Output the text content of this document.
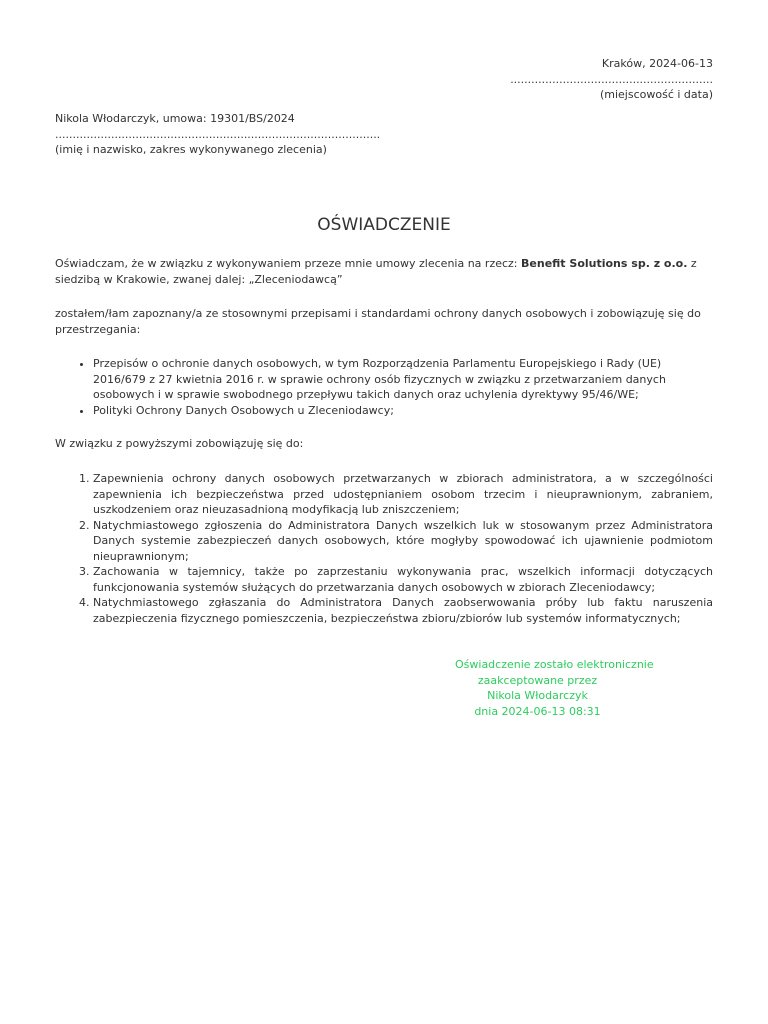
Kraków, 2024-06-13
..........................................................
(miejscowość i data)
Nikola Włodarczyk, umowa: 19301/BS/2024
.............................................................................................
(imię i nazwisko, zakres wykonywanego zlecenia)
OŚWIADCZENIE

Oświadczam, że w związku z wykonywaniem przeze mnie umowy zlecenia na rzecz: Benefit Solutions sp. z o.o. z siedzibą w Krakowie, zwanej dalej: „Zleceniodawcą”

zostałem/łam zapoznany/a ze stosownymi przepisami i standardami ochrony danych osobowych i zobowiązuję się do przestrzegania:

• Przepisów o ochronie danych osobowych, w tym Rozporządzenia Parlamentu Europejskiego i Rady (UE) 2016/679 z 27 kwietnia 2016 r. w sprawie ochrony osób fizycznych w związku z przetwarzaniem danych osobowych i w sprawie swobodnego przepływu takich danych oraz uchylenia dyrektywy 95/46/WE;
• Polityki Ochrony Danych Osobowych u Zleceniodawcy;

W związku z powyższymi zobowiązuję się do:

1. Zapewnienia ochrony danych osobowych przetwarzanych w zbiorach administratora, a w szczególności zapewnienia ich bezpieczeństwa przed udostępnianiem osobom trzecim i nieuprawnionym, zabraniem, uszkodzeniem oraz nieuzasadnioną modyfikacją lub zniszczeniem;
2. Natychmiastowego zgłoszenia do Administratora Danych wszelkich luk w stosowanym przez Administratora Danych systemie zabezpieczeń danych osobowych, które mogłyby spowodować ich ujawnienie podmiotom nieuprawnionym;
3. Zachowania w tajemnicy, także po zaprzestaniu wykonywania prac, wszelkich informacji dotyczących funkcjonowania systemów służących do przetwarzania danych osobowych w zbiorach Zleceniodawcy;
4. Natychmiastowego zgłaszania do Administratora Danych zaobserwowania próby lub faktu naruszenia zabezpieczenia fizycznego pomieszczenia, bezpieczeństwa zbioru/zbiorów lub systemów informatycznych;
Oświadczenie zostało elektronicznie
zaakceptowane przez
Nikola Włodarczyk
dnia 2024-06-13 08:31
